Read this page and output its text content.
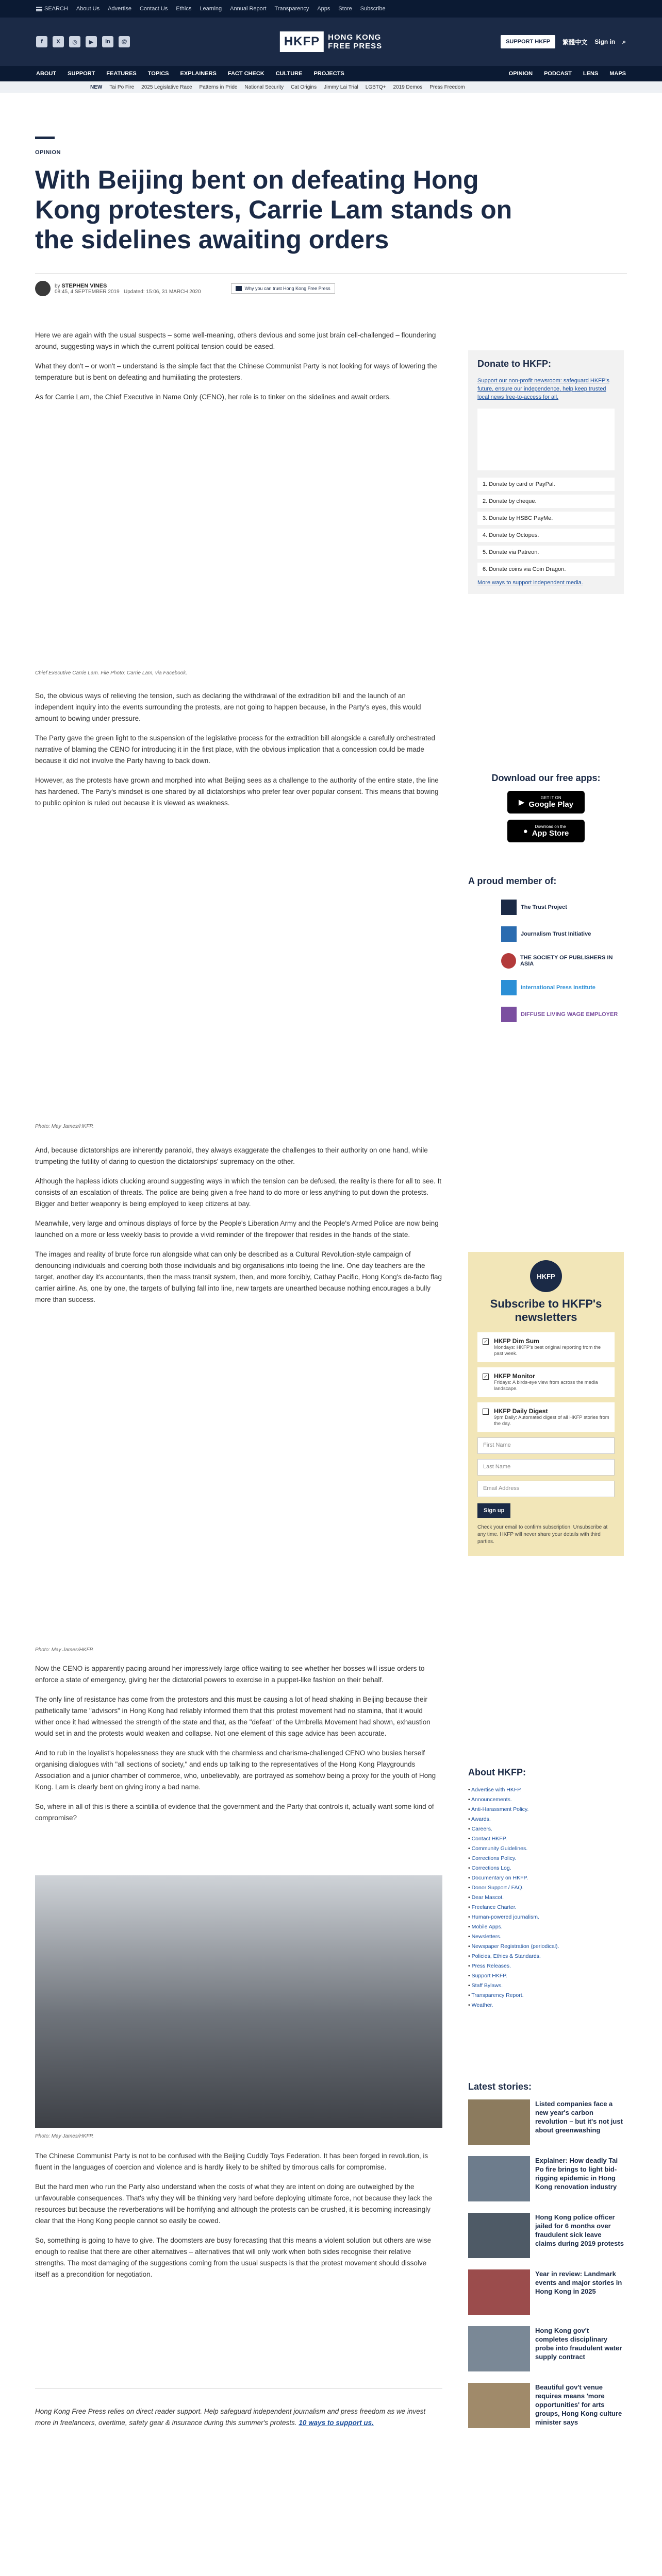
SEARCH About Us Advertise Contact Us Ethics Learning Annual Report Transparency Apps Store Subscribe
f	X	◎	▶	in	@	HKFP	HONG KONG
FREE PRESS	SUPPORT HKFP	繁體中文 Sign in ⌕
ABOUT SUPPORT FEATURES TOPICS EXPLAINERS FACT CHECK CULTURE PROJECTS	OPINION PODCAST LENS MAPS
NEW Tai Po Fire 2025 Legislative Race Patterns in Pride National Security Cat Origins Jimmy Lai Trial LGBTQ+ 2019 Demos Press Freedom
OPINION
With Beijing bent on defeating Hong Kong protesters, Carrie Lam stands on the sidelines awaiting orders
by STEPHEN VINES
08:45, 4 SEPTEMBER 2019 Updated: 15:06, 31 MARCH 2020
Why you can trust Hong Kong Free Press

Here we are again with the usual suspects – some well-meaning, others devious and some just brain cell-challenged – floundering around, suggesting ways in which the current political tension could be eased.

What they don't – or won't – understand is the simple fact that the Chinese Communist Party is not looking for ways of lowering the temperature but is bent on defeating and humiliating the protesters.

As for Carrie Lam, the Chief Executive in Name Only (CENO), her role is to tinker on the sidelines and await orders.

Chief Executive Carrie Lam. File Photo: Carrie Lam, via Facebook.

So, the obvious ways of relieving the tension, such as declaring the withdrawal of the extradition bill and the launch of an independent inquiry into the events surrounding the protests, are not going to happen because, in the Party's eyes, this would amount to bowing under pressure.

The Party gave the green light to the suspension of the legislative process for the extradition bill alongside a carefully orchestrated narrative of blaming the CENO for introducing it in the first place, with the obvious implication that a concession could be made because it did not involve the Party having to back down.

However, as the protests have grown and morphed into what Beijing sees as a challenge to the authority of the entire state, the line has hardened. The Party's mindset is one shared by all dictatorships who prefer fear over popular consent. This means that bowing to public opinion is ruled out because it is viewed as weakness.

Photo: May James/HKFP.

And, because dictatorships are inherently paranoid, they always exaggerate the challenges to their authority on one hand, while trumpeting the futility of daring to question the dictatorships' supremacy on the other.

Although the hapless idiots clucking around suggesting ways in which the tension can be defused, the reality is there for all to see. It consists of an escalation of threats. The police are being given a free hand to do more or less anything to put down the protests. Bigger and better weaponry is being employed to keep citizens at bay.

Meanwhile, very large and ominous displays of force by the People's Liberation Army and the People's Armed Police are now being launched on a more or less weekly basis to provide a vivid reminder of the firepower that resides in the hands of the state.

The images and reality of brute force run alongside what can only be described as a Cultural Revolution-style campaign of denouncing individuals and coercing both those individuals and big organisations into toeing the line. One day teachers are the target, another day it's accountants, then the mass transit system, then, and more forcibly, Cathay Pacific, Hong Kong's de-facto flag carrier airline. As, one by one, the targets of bullying fall into line, new targets are unearthed because nothing encourages a bully more than success.

Photo: May James/HKFP.

Now the CENO is apparently pacing around her impressively large office waiting to see whether her bosses will issue orders to enforce a state of emergency, giving her the dictatorial powers to exercise in a puppet-like fashion on their behalf.

The only line of resistance has come from the protestors and this must be causing a lot of head shaking in Beijing because their pathetically tame "advisors" in Hong Kong had reliably informed them that this protest movement had no stamina, that it would wither once it had witnessed the strength of the state and that, as the "defeat" of the Umbrella Movement had shown, exhaustion would set in and the protests would weaken and collapse. Not one element of this sage advice has been accurate.

And to rub in the loyalist's hopelessness they are stuck with the charmless and charisma-challenged CENO who busies herself organising dialogues with "all sections of society," and ends up talking to the representatives of the Hong Kong Playgrounds Association and a junior chamber of commerce, who, unbelievably, are portrayed as somehow being a proxy for the youth of Hong Kong. Lam is clearly bent on giving irony a bad name.

So, where in all of this is there a scintilla of evidence that the government and the Party that controls it, actually want some kind of compromise?

Photo: May James/HKFP.

The Chinese Communist Party is not to be confused with the Beijing Cuddly Toys Federation. It has been forged in revolution, is fluent in the languages of coercion and violence and is hardly likely to be shifted by timorous calls for compromise.

But the hard men who run the Party also understand when the costs of what they are intent on doing are outweighed by the unfavourable consequences. That's why they will be thinking very hard before deploying ultimate force, not because they lack the resources but because the reverberations will be horrifying and although the protests can be crushed, it is becoming increasingly clear that the Hong Kong people cannot so easily be cowed.

So, something is going to have to give. The doomsters are busy forecasting that this means a violent solution but others are wise enough to realise that there are other alternatives – alternatives that will only work when both sides recognise their relative strengths. The most damaging of the suggestions coming from the usual suspects is that the protest movement should dissolve itself as a precondition for negotiation.

Hong Kong Free Press relies on direct reader support. Help safeguard independent journalism and press freedom as we invest more in freelancers, overtime, safety gear & insurance during this summer's protests. 10 ways to support us.

Donate to HKFP:
Support our non-profit newsroom: safeguard HKFP's future, ensure our independence, help keep trusted local news free-to-access for all.
1. Donate by card or PayPal.
2. Donate by cheque.
3. Donate by HSBC PayMe.
4. Donate by Octopus.
5. Donate via Patreon.
6. Donate coins via Coin Dragon.
More ways to support independent media.
Download our free apps:
▶
GET IT ON
Google Play
●	Download on the
App Store
A proud member of:
The Trust Project
Journalism Trust Initiative
THE SOCIETY OF PUBLISHERS IN ASIA
International Press Institute
DIFFUSE LIVING WAGE EMPLOYER
HKFP
Subscribe to HKFP's newsletters
✓ HKFP Dim Sum
Mondays: HKFP's best original reporting from the past week.
✓ HKFP Monitor
Fridays: A birds-eye view from across the media landscape.
HKFP Daily Digest
9pm Daily: Automated digest of all HKFP stories from the day.
First Name
Last Name
Email Address
Sign up
Check your email to confirm subscription. Unsubscribe at any time. HKFP will never share your details with third parties.
About HKFP:
• Advertise with HKFP.
• Announcements.
• Anti-Harassment Policy.
• Awards.
• Careers.
• Contact HKFP.
• Community Guidelines.
• Corrections Policy.
• Corrections Log.
• Documentary on HKFP.
• Donor Support / FAQ.
• Dear Mascot.
• Freelance Charter.
• Human-powered journalism.
• Mobile Apps.
• Newsletters.
• Newspaper Registration (periodical).
• Policies, Ethics & Standards.
• Press Releases.
• Support HKFP.
• Staff Bylaws.
• Transparency Report.
• Weather.
Latest stories:
Listed companies face a new year's carbon revolution – but it's not just about greenwashing
Explainer: How deadly Tai Po fire brings to light bid-rigging epidemic in Hong Kong renovation industry
Hong Kong police officer jailed for 6 months over fraudulent sick leave claims during 2019 protests
Year in review: Landmark events and major stories in Hong Kong in 2025
Hong Kong gov't completes disciplinary probe into fraudulent water supply contract
Beautiful gov't venue requires means 'more opportunities' for arts groups, Hong Kong culture minister says
